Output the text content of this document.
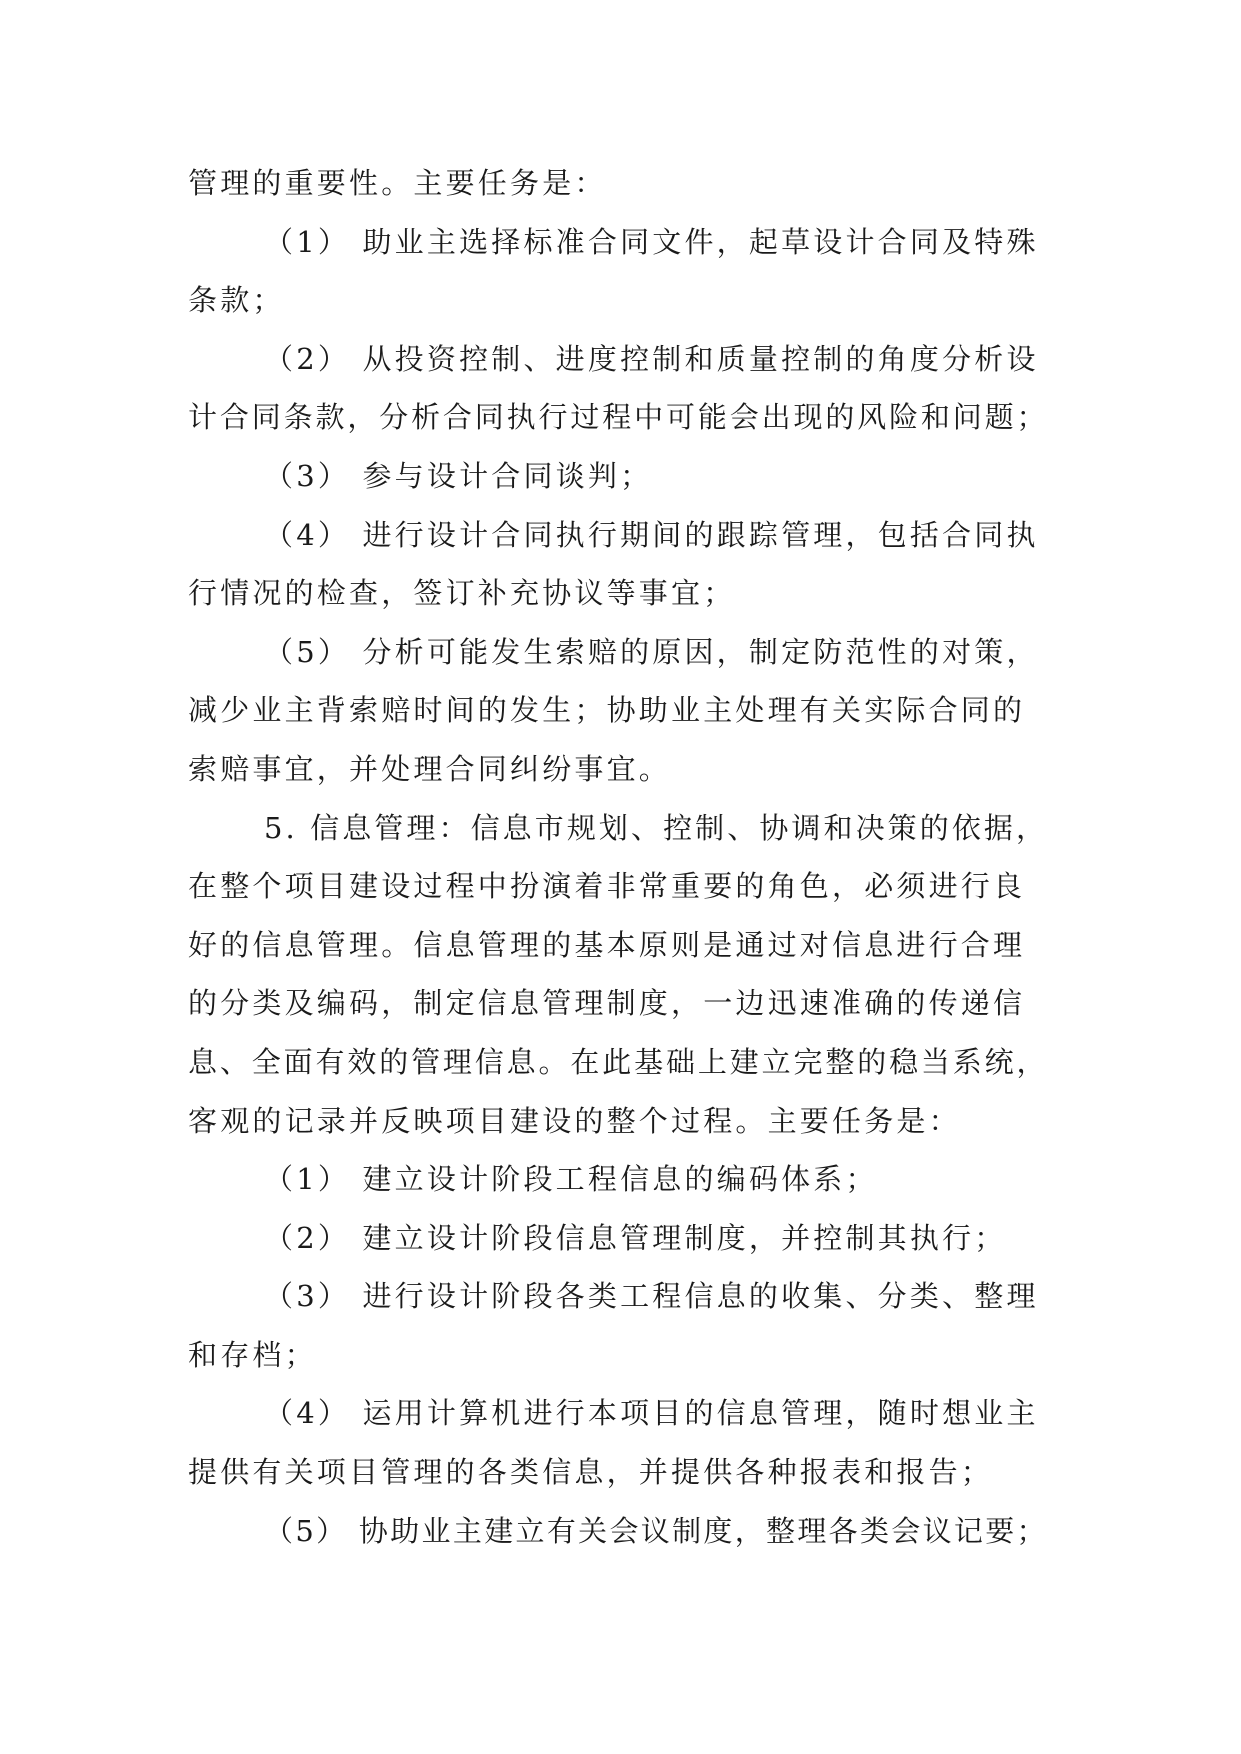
管理的重要性。主要任务是：
（1） 助业主选择标准合同文件，起草设计合同及特殊
条款；
（2） 从投资控制、进度控制和质量控制的角度分析设
计合同条款，分析合同执行过程中可能会出现的风险和问题；
（3） 参与设计合同谈判；
（4） 进行设计合同执行期间的跟踪管理，包括合同执
行情况的检查，签订补充协议等事宜；
（5） 分析可能发生索赔的原因，制定防范性的对策，
减少业主背索赔时间的发生；协助业主处理有关实际合同的
索赔事宜，并处理合同纠纷事宜。
5. 信息管理：信息市规划、控制、协调和决策的依据，
在整个项目建设过程中扮演着非常重要的角色，必须进行良
好的信息管理。信息管理的基本原则是通过对信息进行合理
的分类及编码，制定信息管理制度，一边迅速准确的传递信
息、全面有效的管理信息。在此基础上建立完整的稳当系统，
客观的记录并反映项目建设的整个过程。主要任务是：
（1） 建立设计阶段工程信息的编码体系；
（2） 建立设计阶段信息管理制度，并控制其执行；
（3） 进行设计阶段各类工程信息的收集、分类、整理
和存档；
（4） 运用计算机进行本项目的信息管理，随时想业主
提供有关项目管理的各类信息，并提供各种报表和报告；
（5） 协助业主建立有关会议制度，整理各类会议记要；
